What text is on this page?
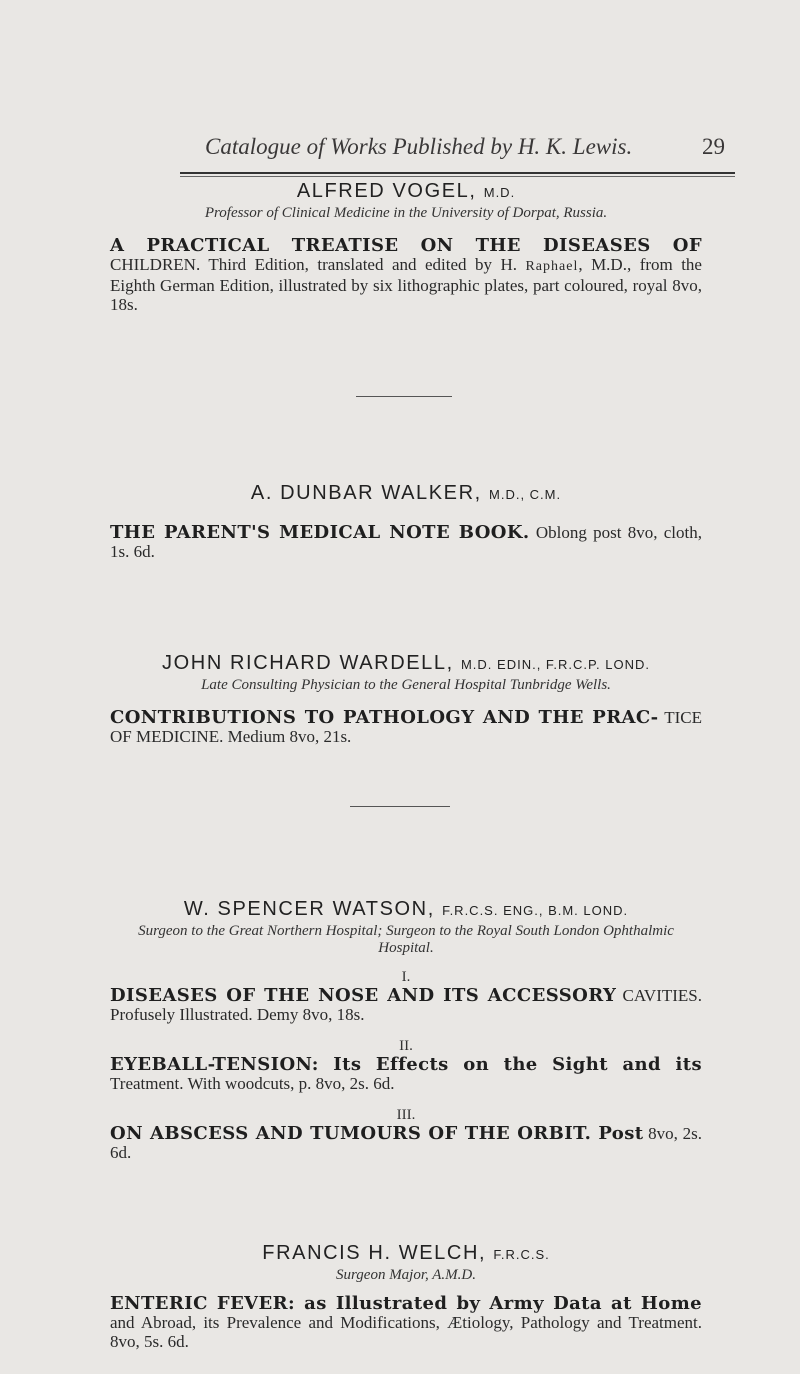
Catalogue of Works Published by H. K. Lewis.	29
ALFRED VOGEL, M.D.
Professor of Clinical Medicine in the University of Dorpat, Russia.
A PRACTICAL TREATISE ON THE DISEASES OF CHILDREN. Third Edition, translated and edited by H. Raphael, M.D., from the Eighth German Edition, illustrated by six lithographic plates, part coloured, royal 8vo, 18s.
A. DUNBAR WALKER, M.D., C.M.
THE PARENT'S MEDICAL NOTE BOOK. Oblong post 8vo, cloth, 1s. 6d.
JOHN RICHARD WARDELL, M.D. EDIN., F.R.C.P. LOND.
Late Consulting Physician to the General Hospital Tunbridge Wells.
CONTRIBUTIONS TO PATHOLOGY AND THE PRAC- TICE OF MEDICINE. Medium 8vo, 21s.
W. SPENCER WATSON, F.R.C.S. ENG., B.M. LOND.
Surgeon to the Great Northern Hospital; Surgeon to the Royal South London Ophthalmic Hospital.
I.
DISEASES OF THE NOSE AND ITS ACCESSORY CAVITIES. Profusely Illustrated. Demy 8vo, 18s.
II.
EYEBALL-TENSION: Its Effects on the Sight and its Treatment. With woodcuts, p. 8vo, 2s. 6d.
III.
ON ABSCESS AND TUMOURS OF THE ORBIT. Post 8vo, 2s. 6d.
FRANCIS H. WELCH, F.R.C.S.
Surgeon Major, A.M.D.
ENTERIC FEVER: as Illustrated by Army Data at Home and Abroad, its Prevalence and Modifications, Ætiology, Pathology and Treatment. 8vo, 5s. 6d.
